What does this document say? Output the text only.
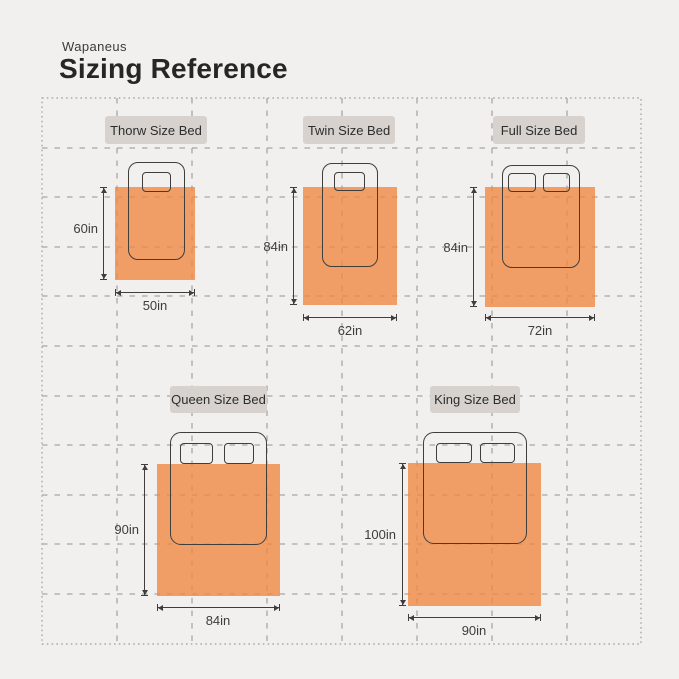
Wapaneus
Sizing Reference
Thorw Size Bed
60in
50in
Twin Size Bed
84in
62in
Full Size Bed
84in
72in
Queen Size Bed
90in
84in
King Size Bed
100in
90in
